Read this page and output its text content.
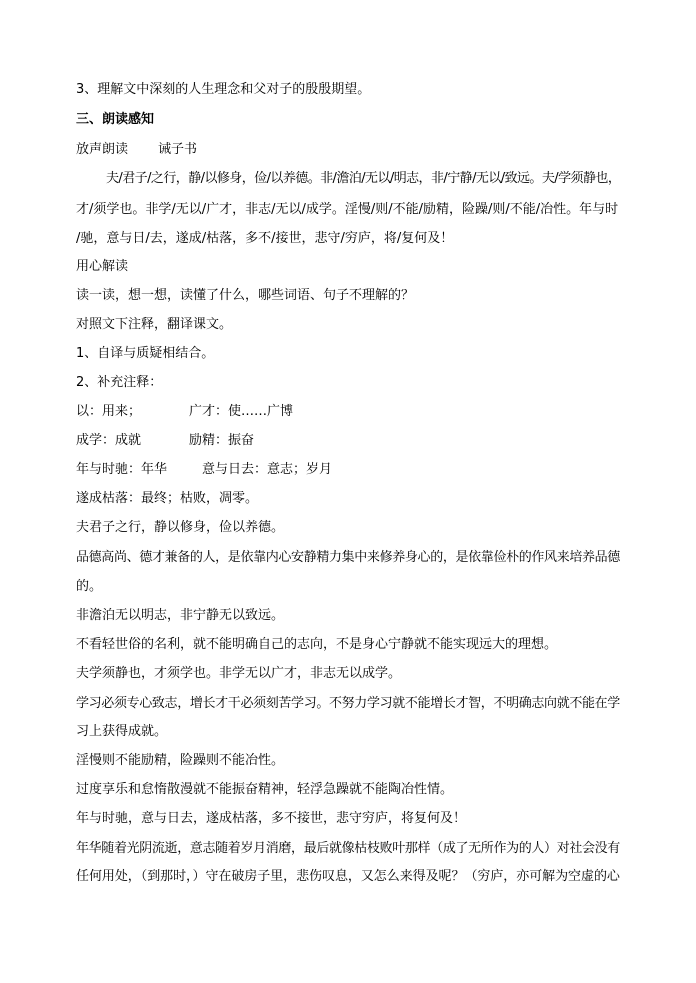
3、理解文中深刻的人生理念和父对子的殷殷期望。
三、朗读感知
放声朗读 诫子书
夫/君子/之行，静/以修身，俭/以养德。非/澹泊/无以/明志，非/宁静/无以/致远。夫/学须静也，
才/须学也。非学/无以/广才，非志/无以/成学。淫慢/则/不能/励精，险躁/则/不能/冶性。年与时
/驰，意与日/去，遂成/枯落，多不/接世，悲守/穷庐，将/复何及！
用心解读
读一读，想一想，读懂了什么，哪些词语、句子不理解的？
对照文下注释，翻译课文。
1、自译与质疑相结合。
2、补充注释：
以：用来；	广才：使……广博
成学：成就	励精：振奋
年与时驰：年华	意与日去：意志；岁月
遂成枯落：最终；枯败，凋零。
夫君子之行，静以修身，俭以养德。
品德高尚、德才兼备的人，是依靠内心安静精力集中来修养身心的，是依靠俭朴的作风来培养品德
的。
非澹泊无以明志，非宁静无以致远。
不看轻世俗的名利，就不能明确自己的志向，不是身心宁静就不能实现远大的理想。
夫学须静也，才须学也。非学无以广才，非志无以成学。
学习必须专心致志，增长才干必须刻苦学习。不努力学习就不能增长才智，不明确志向就不能在学
习上获得成就。
淫慢则不能励精，险躁则不能冶性。
过度享乐和怠惰散漫就不能振奋精神，轻浮急躁就不能陶冶性情。
年与时驰，意与日去，遂成枯落，多不接世，悲守穷庐，将复何及！
年华随着光阴流逝，意志随着岁月消磨，最后就像枯枝败叶那样（成了无所作为的人）对社会没有
任何用处，（到那时，）守在破房子里，悲伤叹息，又怎么来得及呢？（穷庐，亦可解为空虚的心
